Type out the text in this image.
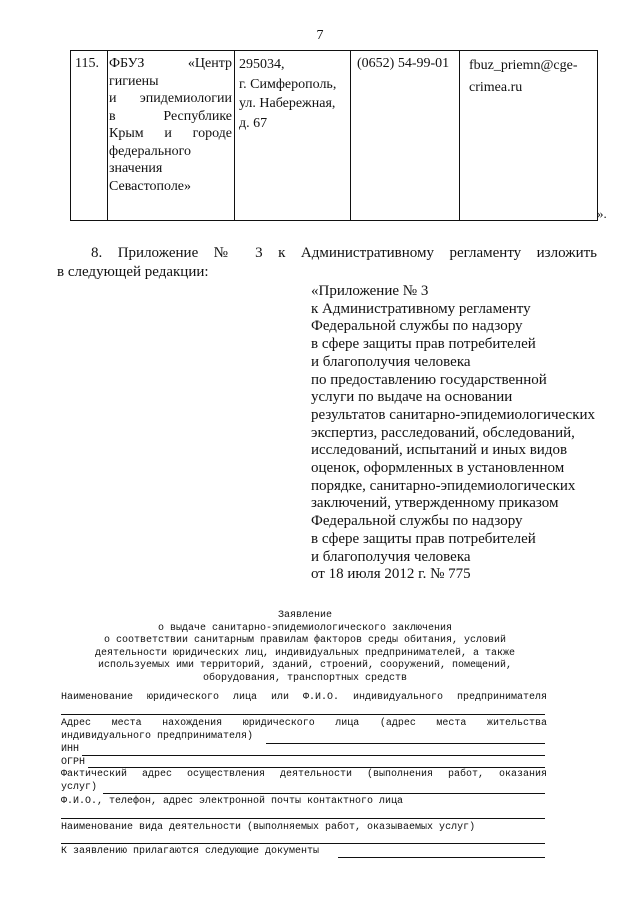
7
115. ФБУЗ	«Центр
гигиены
и эпидемиологии
в	Республике
Крым и городе
федерального
значения
Севастополе»
295034,
г. Симферополь,
ул. Набережная,
д. 67
(0652) 54-99-01 fbuz_priemn@cge-
crimea.ru
».
8. Приложение № 3 к Административному регламенту изложить
в следующей редакции:
«Приложение № 3
к Административному регламенту
Федеральной службы по надзору
в сфере защиты прав потребителей
и благополучия человека
по предоставлению государственной
услуги по выдаче на основании
результатов санитарно-эпидемиологических
экспертиз, расследований, обследований,
исследований, испытаний и иных видов
оценок, оформленных в установленном
порядке, санитарно-эпидемиологических
заключений, утвержденному приказом
Федеральной службы по надзору
в сфере защиты прав потребителей
и благополучия человека
от 18 июля 2012 г. № 775
Заявление
о выдаче санитарно-эпидемиологического заключения
о соответствии санитарным правилам факторов среды обитания, условий
деятельности юридических лиц, индивидуальных предпринимателей, а также
используемых ими территорий, зданий, строений, сооружений, помещений,
оборудования, транспортных средств
Наименование юридического лица или Ф.И.О. индивидуального предпринимателя
Адрес места нахождения юридического лица (адрес места жительства
индивидуального предпринимателя)
ИНН
ОГРН
Фактический адрес осуществления деятельности (выполнения работ, оказания
услуг)
Ф.И.О., телефон, адрес электронной почты контактного лица
Наименование вида деятельности (выполняемых работ, оказываемых услуг)
К заявлению прилагаются следующие документы
